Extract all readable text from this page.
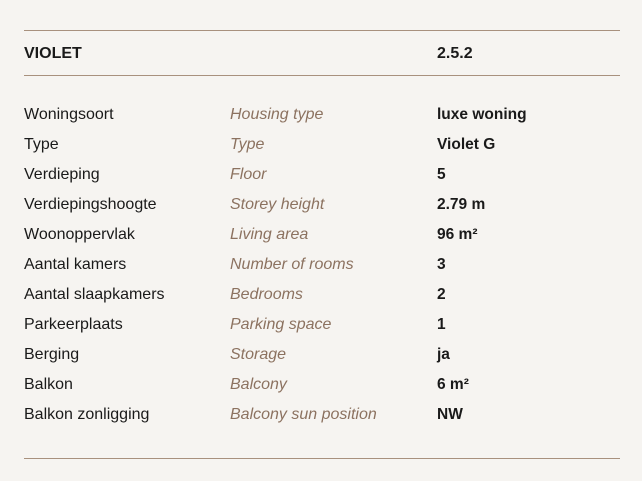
VIOLET	2.5.2
Woningsoort	Housing type	luxe woning
Type	Type	Violet G
Verdieping	Floor	5
Verdiepingshoogte	Storey height	2.79 m
Woonoppervlak	Living area	96 m²
Aantal kamers	Number of rooms	3
Aantal slaapkamers	Bedrooms	2
Parkeerplaats	Parking space	1
Berging	Storage	ja
Balkon	Balcony	6 m²
Balkon zonligging	Balcony sun position	NW
